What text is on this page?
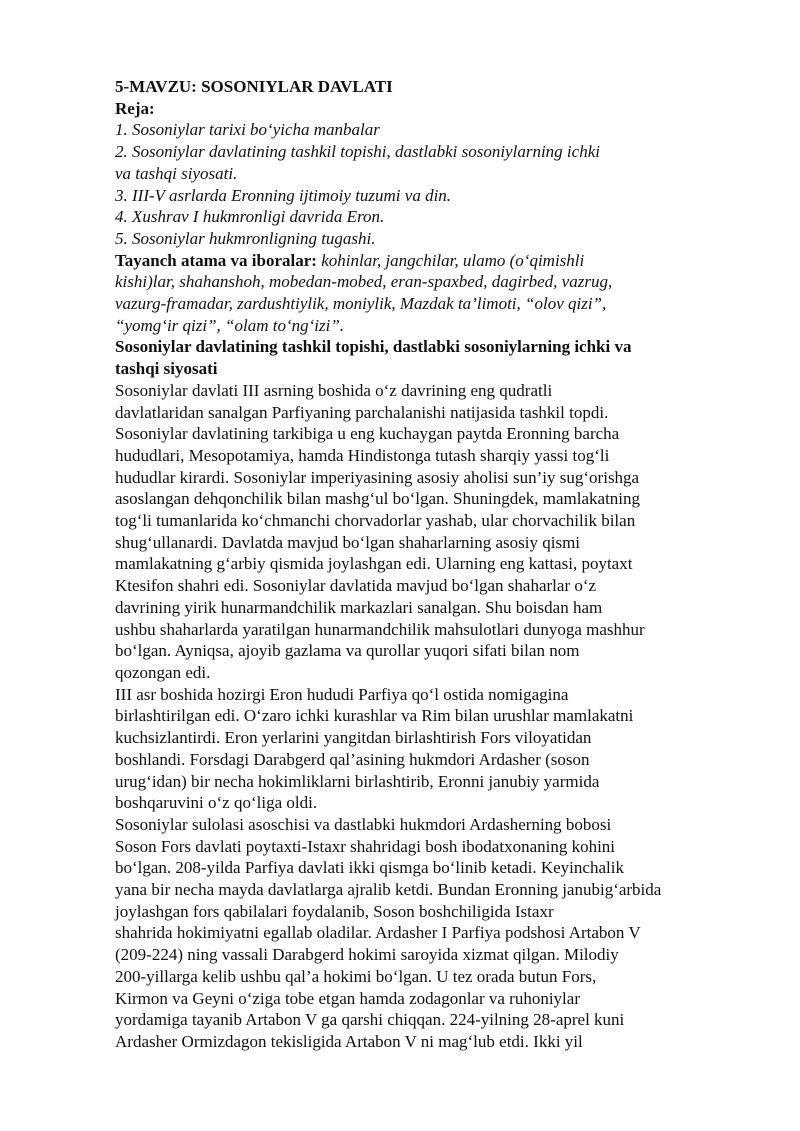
5-MAVZU: SOSONIYLAR DAVLATI
Reja:
1. Sosoniylar tarixi bo‘yicha manbalar
2. Sosoniylar davlatining tashkil topishi, dastlabki sosoniylarning ichki
va tashqi siyosati.
3. III-V asrlarda Eronning ijtimoiy tuzumi va din.
4. Xushrav I hukmronligi davrida Eron.
5. Sosoniylar hukmronligning tugashi.
Tayanch atama va iboralar: kohinlar, jangchilar, ulamo (o‘qimishli
kishi)lar, shahanshoh, mobedan-mobed, eran-spaxbed, dagirbed, vazrug,
vazurg-framadar, zardushtiylik, moniylik, Mazdak ta’limoti, “olov qizi”,
“yomg‘ir qizi”, “olam to‘ng‘izi”.
Sosoniylar davlatining tashkil topishi, dastlabki sosoniylarning ichki va
tashqi siyosati
Sosoniylar davlati III asrning boshida o‘z davrining eng qudratli
davlatlaridan sanalgan Parfiyaning parchalanishi natijasida tashkil topdi.
Sosoniylar davlatining tarkibiga u eng kuchaygan paytda Eronning barcha
hududlari, Mesopotamiya, hamda Hindistonga tutash sharqiy yassi tog‘li
hududlar kirardi. Sosoniylar imperiyasining asosiy aholisi sun’iy sug‘orishga
asoslangan dehqonchilik bilan mashg‘ul bo‘lgan. Shuningdek, mamlakatning
tog‘li tumanlarida ko‘chmanchi chorvadorlar yashab, ular chorvachilik bilan
shug‘ullanardi. Davlatda mavjud bo‘lgan shaharlarning asosiy qismi
mamlakatning g‘arbiy qismida joylashgan edi. Ularning eng kattasi, poytaxt
Ktesifon shahri edi. Sosoniylar davlatida mavjud bo‘lgan shaharlar o‘z
davrining yirik hunarmandchilik markazlari sanalgan. Shu boisdan ham
ushbu shaharlarda yaratilgan hunarmandchilik mahsulotlari dunyoga mashhur
bo‘lgan. Ayniqsa, ajoyib gazlama va qurollar yuqori sifati bilan nom
qozongan edi.
III asr boshida hozirgi Eron hududi Parfiya qo‘l ostida nomigagina
birlashtirilgan edi. O‘zaro ichki kurashlar va Rim bilan urushlar mamlakatni
kuchsizlantirdi. Eron yerlarini yangitdan birlashtirish Fors viloyatidan
boshlandi. Forsdagi Darabgerd qal’asining hukmdori Ardasher (soson
urug‘idan) bir necha hokimliklarni birlashtirib, Eronni janubiy yarmida
boshqaruvini o‘z qo‘liga oldi.
Sosoniylar sulolasi asoschisi va dastlabki hukmdori Ardasherning bobosi
Soson Fors davlati poytaxti-Istaxr shahridagi bosh ibodatxonaning kohini
bo‘lgan. 208-yilda Parfiya davlati ikki qismga bo‘linib ketadi. Keyinchalik
yana bir necha mayda davlatlarga ajralib ketdi. Bundan Eronning janubig‘arbida
joylashgan fors qabilalari foydalanib, Soson boshchiligida Istaxr
shahrida hokimiyatni egallab oladilar. Ardasher I Parfiya podshosi Artabon V
(209-224) ning vassali Darabgerd hokimi saroyida xizmat qilgan. Milodiy
200-yillarga kelib ushbu qal’a hokimi bo‘lgan. U tez orada butun Fors,
Kirmon va Geyni o‘ziga tobe etgan hamda zodagonlar va ruhoniylar
yordamiga tayanib Artabon V ga qarshi chiqqan. 224-yilning 28-aprel kuni
Ardasher Ormizdagon tekisligida Artabon V ni mag‘lub etdi. Ikki yil
